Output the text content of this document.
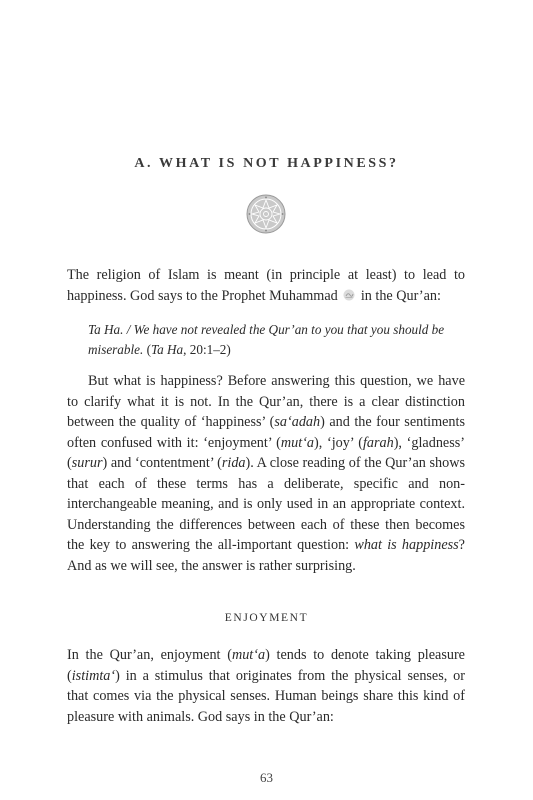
A. WHAT IS NOT HAPPINESS?

The religion of Islam is meant (in principle at least) to lead to happiness. God says to the Prophet Muhammad in the Qur’an:

Ta Ha. / We have not revealed the Qur’an to you that you should be miserable. (Ta Ha, 20:1–2)

But what is happiness? Before answering this question, we have to clarify what it is not. In the Qur’an, there is a clear distinction between the quality of ‘happiness’ (sa‘adah) and the four sentiments often confused with it: ‘enjoyment’ (mut‘a), ‘joy’ (farah), ‘gladness’ (surur) and ‘contentment’ (rida). A close reading of the Qur’an shows that each of these terms has a deliberate, specific and non-interchangeable meaning, and is only used in an appropriate context. Understanding the differences between each of these then becomes the key to answering the all-important question: what is happiness? And as we will see, the answer is rather surprising.

ENJOYMENT

In the Qur’an, enjoyment (mut‘a) tends to denote taking pleasure (istimta‘) in a stimulus that originates from the physical senses, or that comes via the physical senses. Human beings share this kind of pleasure with animals. God says in the Qur’an:

63
